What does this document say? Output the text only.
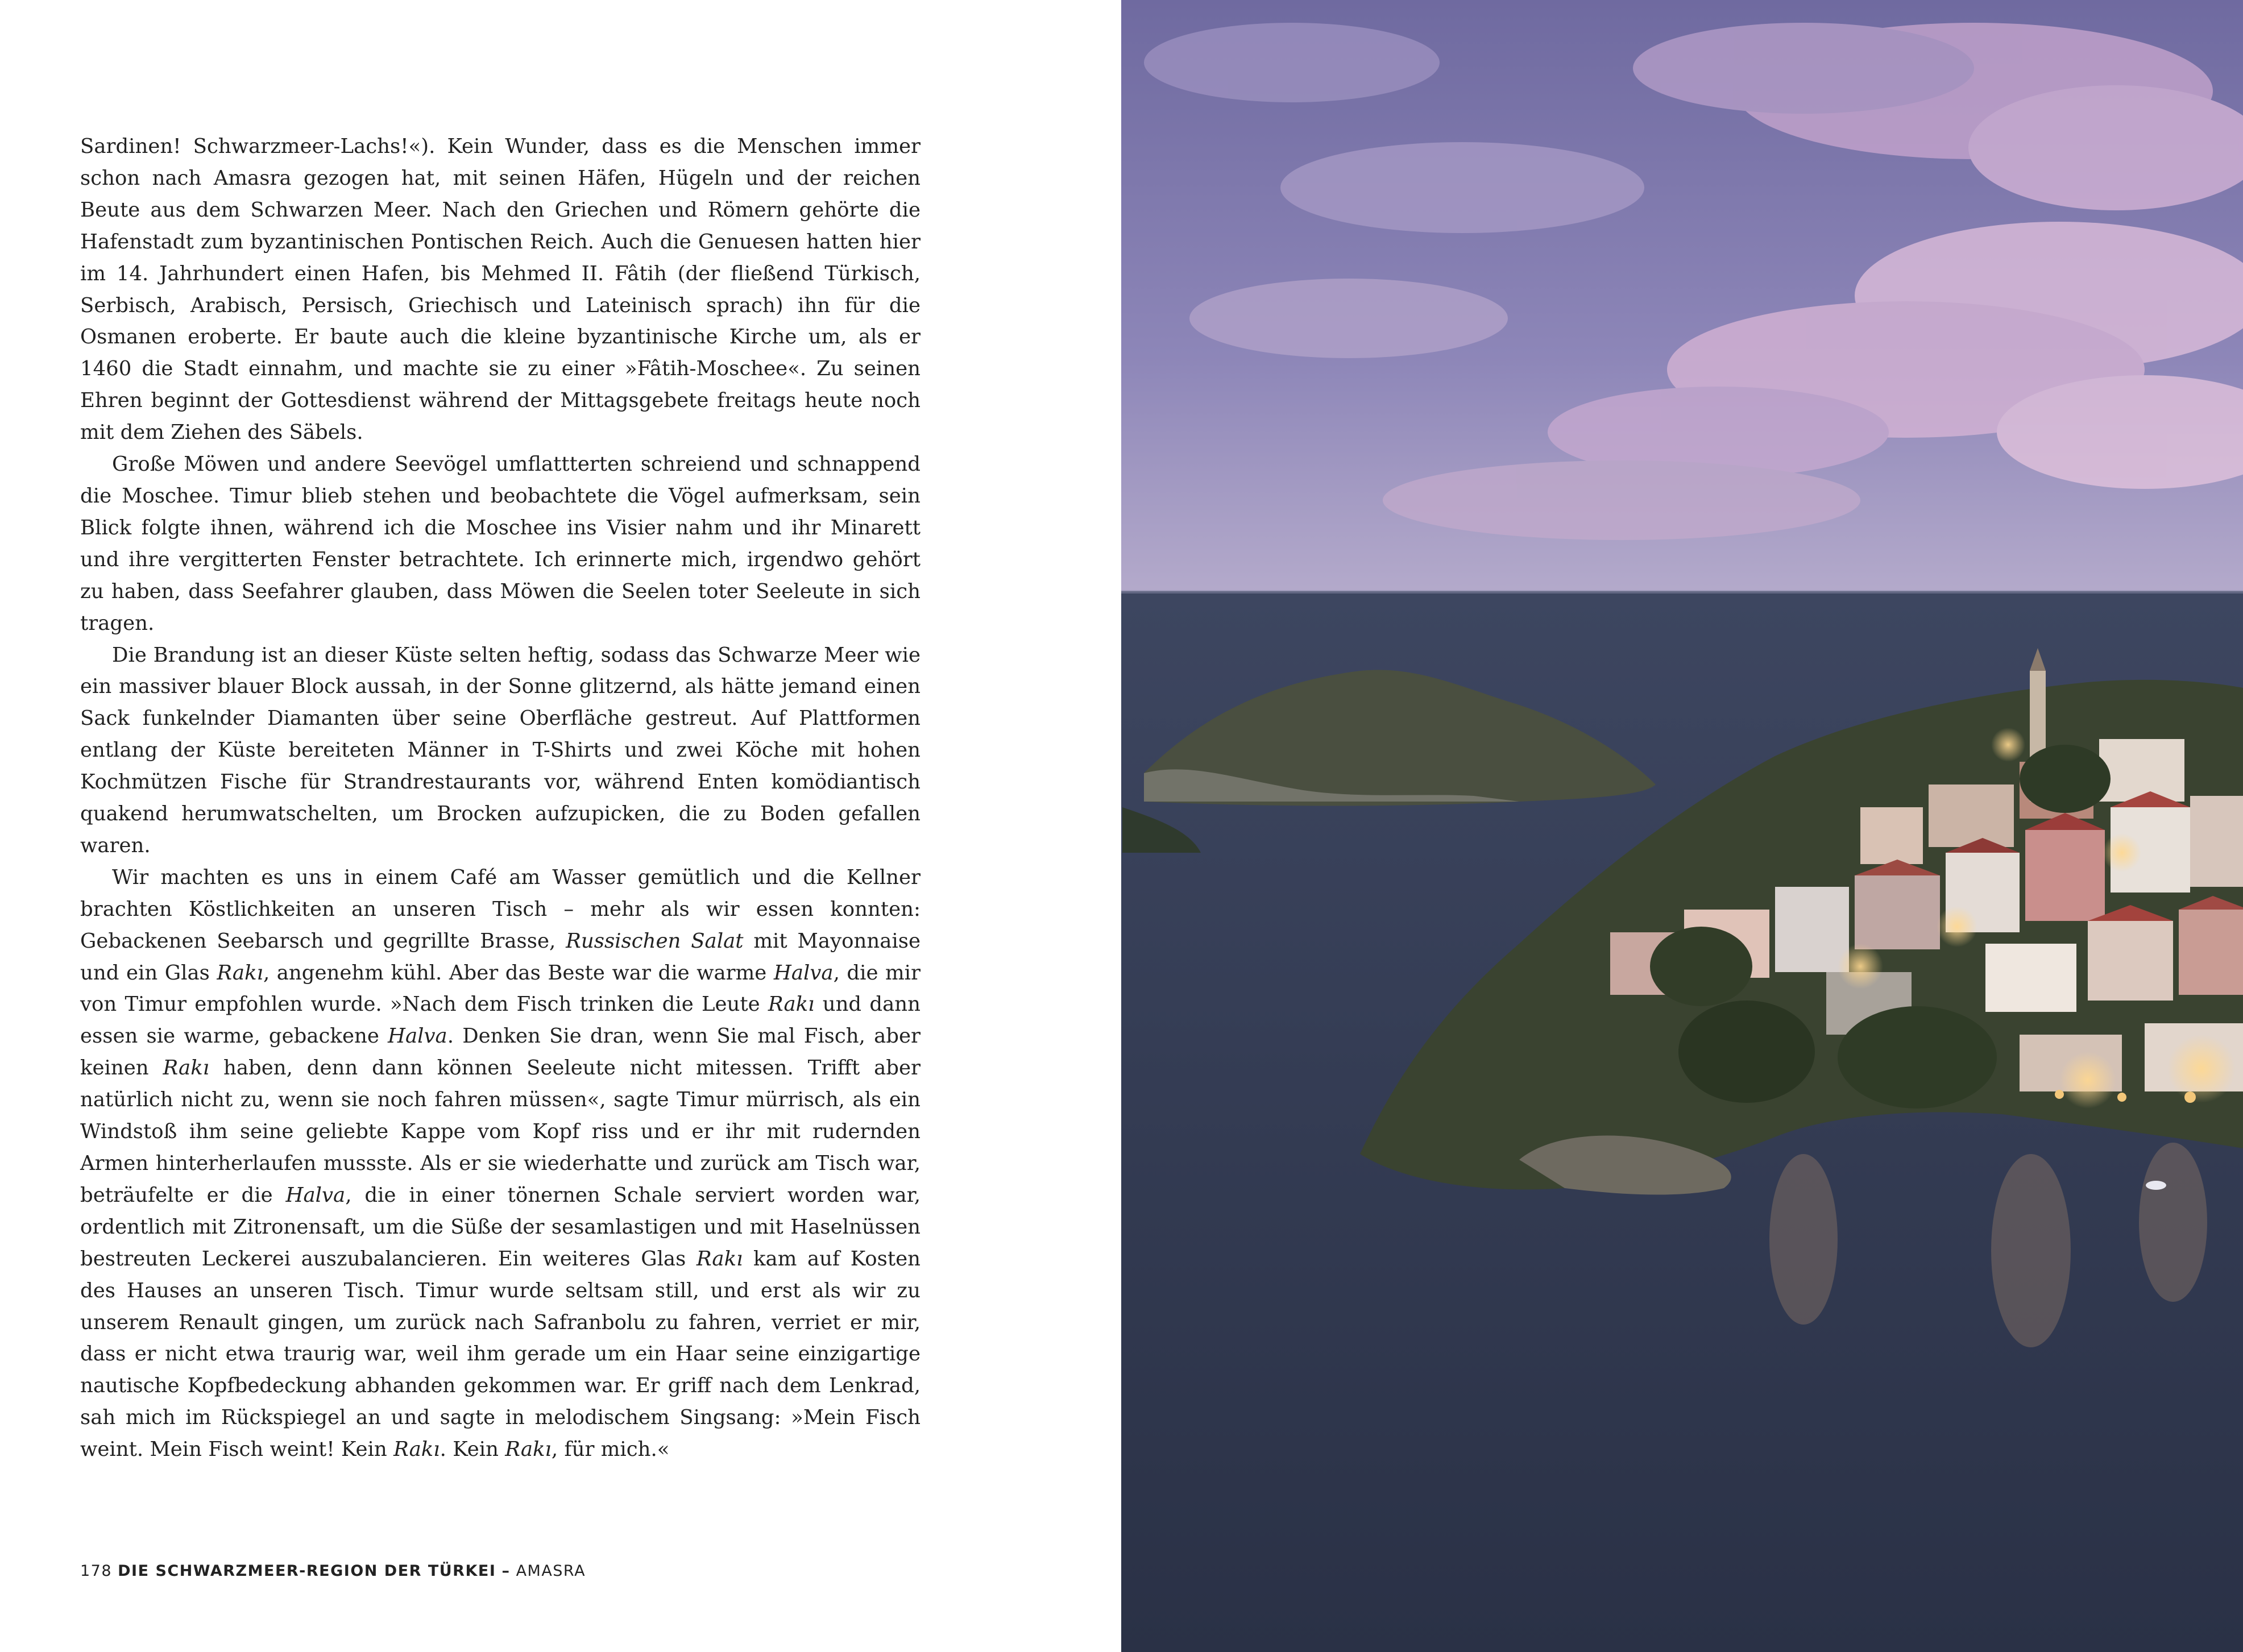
Sardinen! Schwarzmeer-Lachs!«). Kein Wunder, dass es die Menschen immer schon nach Amasra gezogen hat, mit seinen Häfen, Hügeln und der reichen Beute aus dem Schwarzen Meer. Nach den Griechen und Römern gehörte die Hafenstadt zum byzantinischen Pontischen Reich. Auch die Genuesen hatten hier im 14. Jahrhundert einen Hafen, bis Mehmed II. Fâtih (der fließend Türkisch, Serbisch, Arabisch, Persisch, Griechisch und Lateinisch sprach) ihn für die Osmanen eroberte. Er baute auch die kleine byzantinische Kirche um, als er 1460 die Stadt einnahm, und machte sie zu einer »Fâtih-Moschee«. Zu seinen Ehren beginnt der Gottesdienst während der Mittagsgebete freitags heute noch mit dem Ziehen des Säbels.

Große Möwen und andere Seevögel umflattterten schreiend und schnappend die Moschee. Timur blieb stehen und beobachtete die Vögel aufmerksam, sein Blick folgte ihnen, während ich die Moschee ins Visier nahm und ihr Minarett und ihre vergitterten Fenster betrachtete. Ich erinnerte mich, irgendwo gehört zu haben, dass Seefahrer glauben, dass Möwen die Seelen toter Seeleute in sich tragen.

Die Brandung ist an dieser Küste selten heftig, sodass das Schwarze Meer wie ein massiver blauer Block aussah, in der Sonne glitzernd, als hätte jemand einen Sack funkelnder Diamanten über seine Oberfläche gestreut. Auf Plattformen entlang der Küste bereiteten Männer in T-Shirts und zwei Köche mit hohen Kochmützen Fische für Strandrestaurants vor, während Enten komödiantisch quakend herumwatschelten, um Brocken aufzupicken, die zu Boden gefallen waren.

Wir machten es uns in einem Café am Wasser gemütlich und die Kellner brachten Köstlichkeiten an unseren Tisch – mehr als wir essen konnten: Gebackenen Seebarsch und gegrillte Brasse, Russischen Salat mit Mayonnaise und ein Glas Rakı, angenehm kühl. Aber das Beste war die warme Halva, die mir von Timur empfohlen wurde. »Nach dem Fisch trinken die Leute Rakı und dann essen sie warme, gebackene Halva. Denken Sie dran, wenn Sie mal Fisch, aber keinen Rakı haben, denn dann können Seeleute nicht mitessen. Trifft aber natürlich nicht zu, wenn sie noch fahren müssen«, sagte Timur mürrisch, als ein Windstoß ihm seine geliebte Kappe vom Kopf riss und er ihr mit rudernden Armen hinterherlaufen mussste. Als er sie wiederhatte und zurück am Tisch war, beträufelte er die Halva, die in einer tönernen Schale serviert worden war, ordentlich mit Zitronensaft, um die Süße der sesamlastigen und mit Haselnüssen bestreuten Leckerei auszubalancieren. Ein weiteres Glas Rakı kam auf Kosten des Hauses an unseren Tisch. Timur wurde seltsam still, und erst als wir zu unserem Renault gingen, um zurück nach Safranbolu zu fahren, verriet er mir, dass er nicht etwa traurig war, weil ihm gerade um ein Haar seine einzigartige nautische Kopfbedeckung abhanden gekommen war. Er griff nach dem Lenkrad, sah mich im Rückspiegel an und sagte in melodischem Singsang: »Mein Fisch weint. Mein Fisch weint! Kein Rakı. Kein Rakı, für mich.«

178 DIE SCHWARZMEER-REGION DER TÜRKEI – AMASRA
